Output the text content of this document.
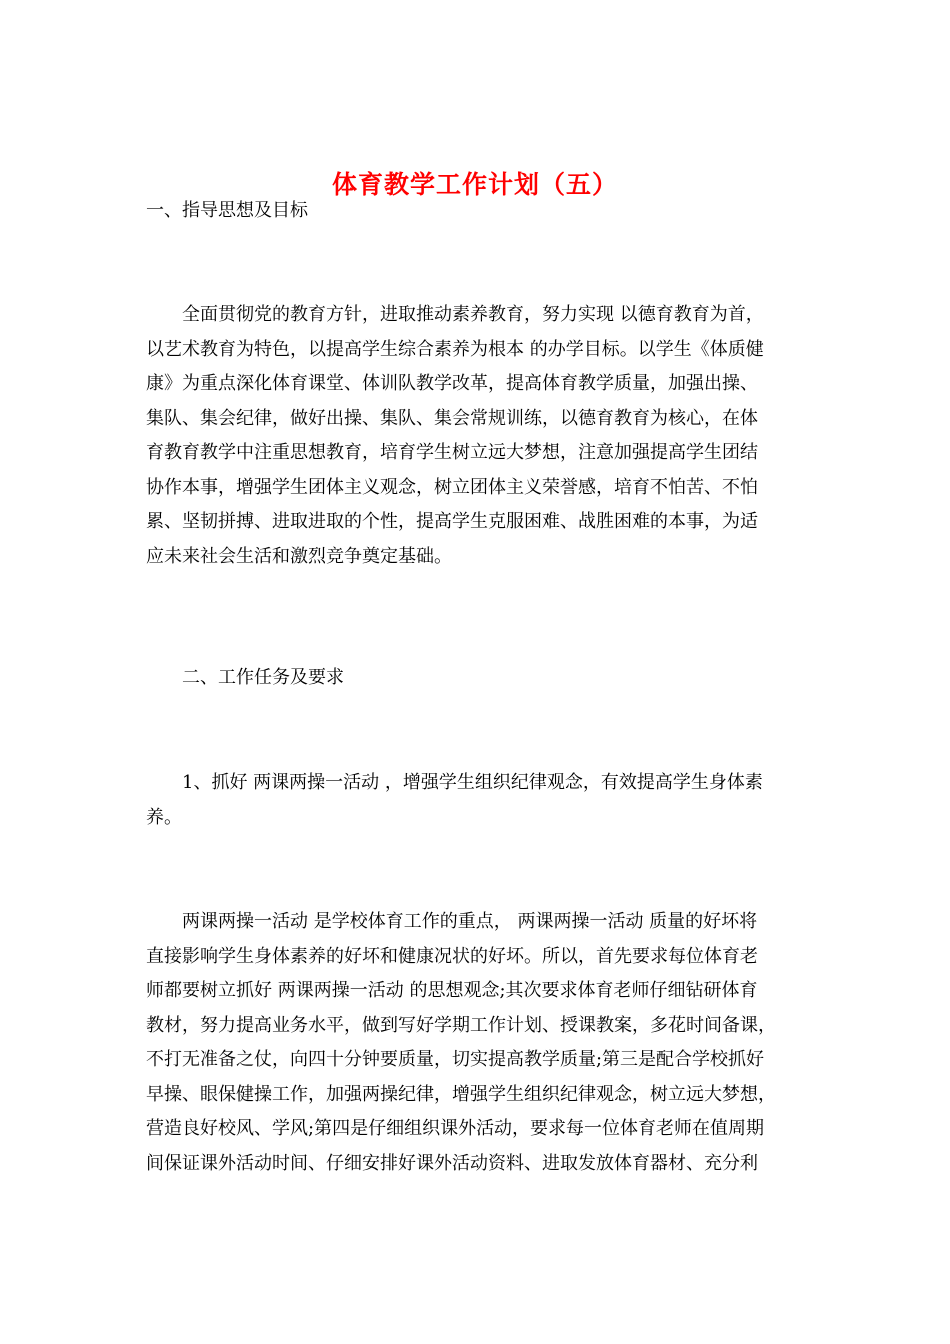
体育教学工作计划（五）

一、指导思想及目标

　　全面贯彻党的教育方针，进取推动素养教育，努力实现 以德育教育为首，
以艺术教育为特色，以提高学生综合素养为根本 的办学目标。以学生《体质健
康》为重点深化体育课堂、体训队教学改革，提高体育教学质量，加强出操、
集队、集会纪律，做好出操、集队、集会常规训练，以德育教育为核心，在体
育教育教学中注重思想教育，培育学生树立远大梦想，注意加强提高学生团结
协作本事，增强学生团体主义观念，树立团体主义荣誉感，培育不怕苦、不怕
累、坚韧拼搏、进取进取的个性，提高学生克服困难、战胜困难的本事，为适
应未来社会生活和激烈竞争奠定基础。

　　二、工作任务及要求

　　1、抓好 两课两操一活动 ，增强学生组织纪律观念，有效提高学生身体素
养。

　　两课两操一活动 是学校体育工作的重点， 两课两操一活动 质量的好坏将
直接影响学生身体素养的好坏和健康况状的好坏。所以，首先要求每位体育老
师都要树立抓好 两课两操一活动 的思想观念;其次要求体育老师仔细钻研体育
教材，努力提高业务水平，做到写好学期工作计划、授课教案，多花时间备课，
不打无准备之仗，向四十分钟要质量，切实提高教学质量;第三是配合学校抓好
早操、眼保健操工作，加强两操纪律，增强学生组织纪律观念，树立远大梦想，
营造良好校风、学风;第四是仔细组织课外活动，要求每一位体育老师在值周期
间保证课外活动时间、仔细安排好课外活动资料、进取发放体育器材、充分利
